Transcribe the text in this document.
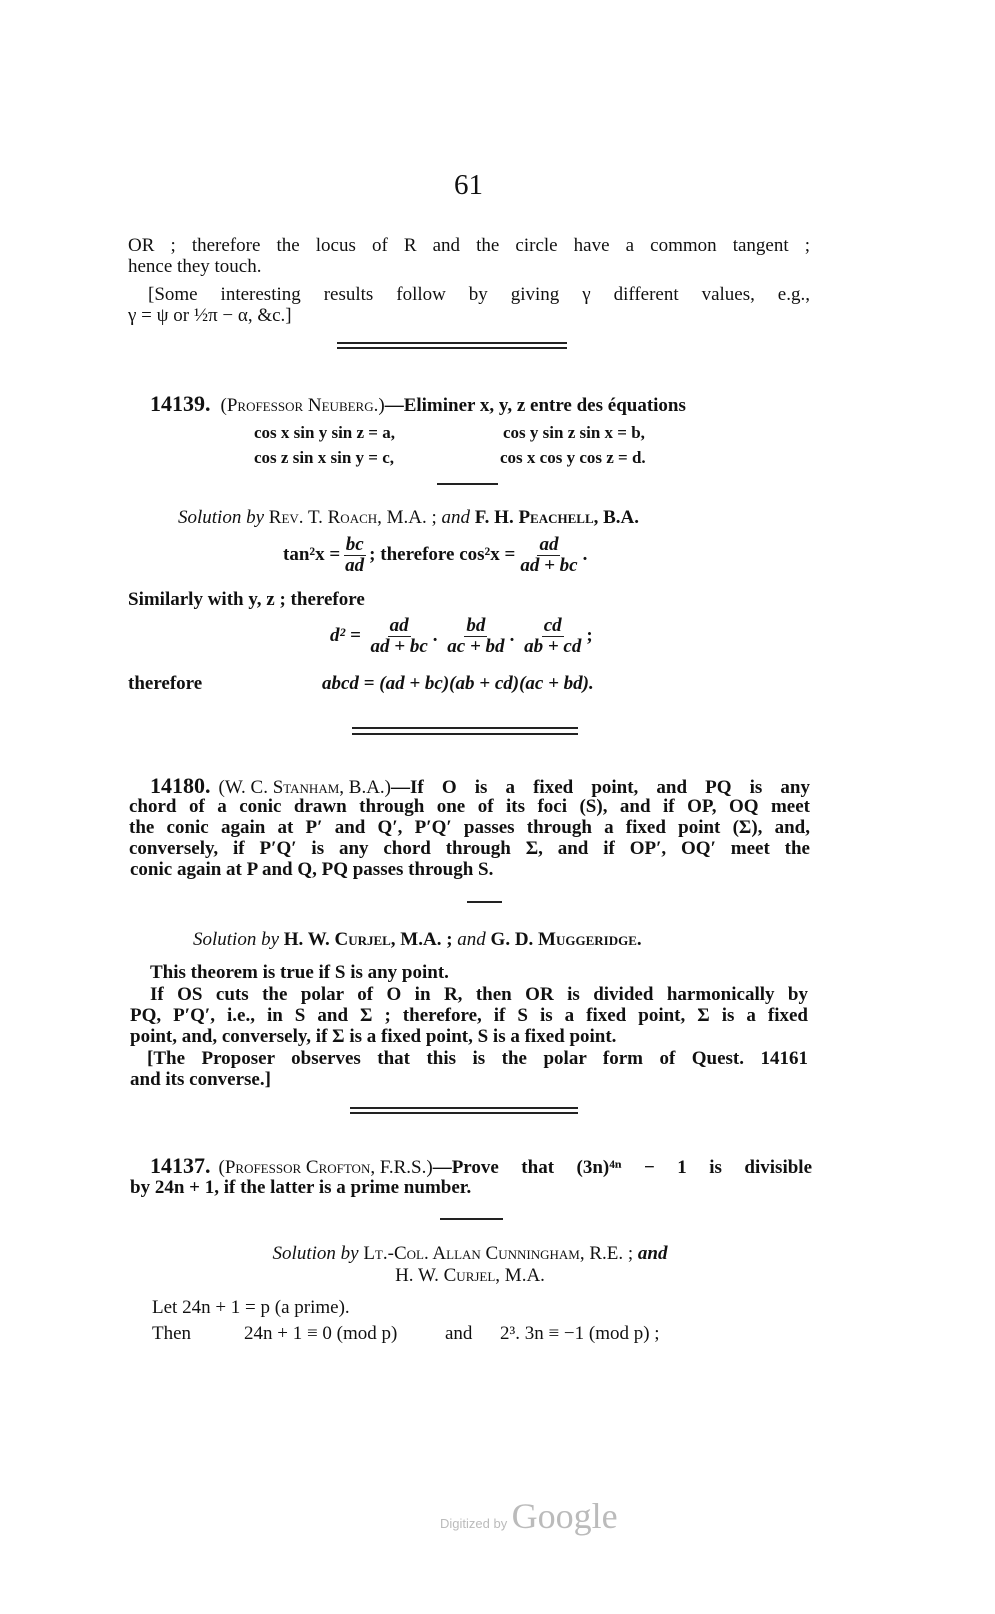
61
OR ; therefore the locus of R and the circle have a common tangent ;
hence they touch.
[Some interesting results follow by giving γ different values, e.g.,
γ = ψ or ½π − α, &c.]
14139. (Professor Neuberg.)—Eliminer x, y, z entre des équations
cos x sin y sin z = a,	cos y sin z sin x = b,
cos z sin x sin y = c,	cos x cos y cos z = d.
Solution by Rev. T. Roach, M.A. ; and F. H. Peachell, B.A.
$\tan^2x = \frac{bc}{ad}$ ; therefore $\cos^2x = \frac{ad}{ad + bc}$ .
Similarly with y, z ; therefore
$d^2 = \frac{ad}{ad + bc}$ . $\frac{bd}{ac + bd}$ . $\frac{cd}{ab + cd}$ ;
therefore	abcd = (ad + bc)(ab + cd)(ac + bd).
14180. (W. C. Stanham, B.A.) —If O is a fixed point, and PQ is any
chord of a conic drawn through one of its foci (S), and if OP, OQ meet
the conic again at P′ and Q′, P′Q′ passes through a fixed point (Σ), and,
conversely, if P′Q′ is any chord through Σ, and if OP′, OQ′ meet the
conic again at P and Q, PQ passes through S.
Solution by H. W. Curjel, M.A. ; and G. D. Muggeridge.
This theorem is true if S is any point.
If OS cuts the polar of O in R, then OR is divided harmonically by
PQ, P′Q′, i.e., in S and Σ ; therefore, if S is a fixed point, Σ is a fixed
point, and, conversely, if Σ is a fixed point, S is a fixed point.
[The Proposer observes that this is the polar form of Quest. 14161
and its converse.]
14137. (Professor Crofton, F.R.S.) —Prove that (3n)⁴ⁿ − 1 is divisible
by 24n + 1, if the latter is a prime number.
Solution by Lt.-Col. Allan Cunningham, R.E. ; and
H. W. Curjel, M.A.
Let 24n + 1 = p (a prime).
Then	24n + 1 ≡ 0 (mod p)	and 2³. 3n ≡ −1 (mod p) ;
Digitized by Google
